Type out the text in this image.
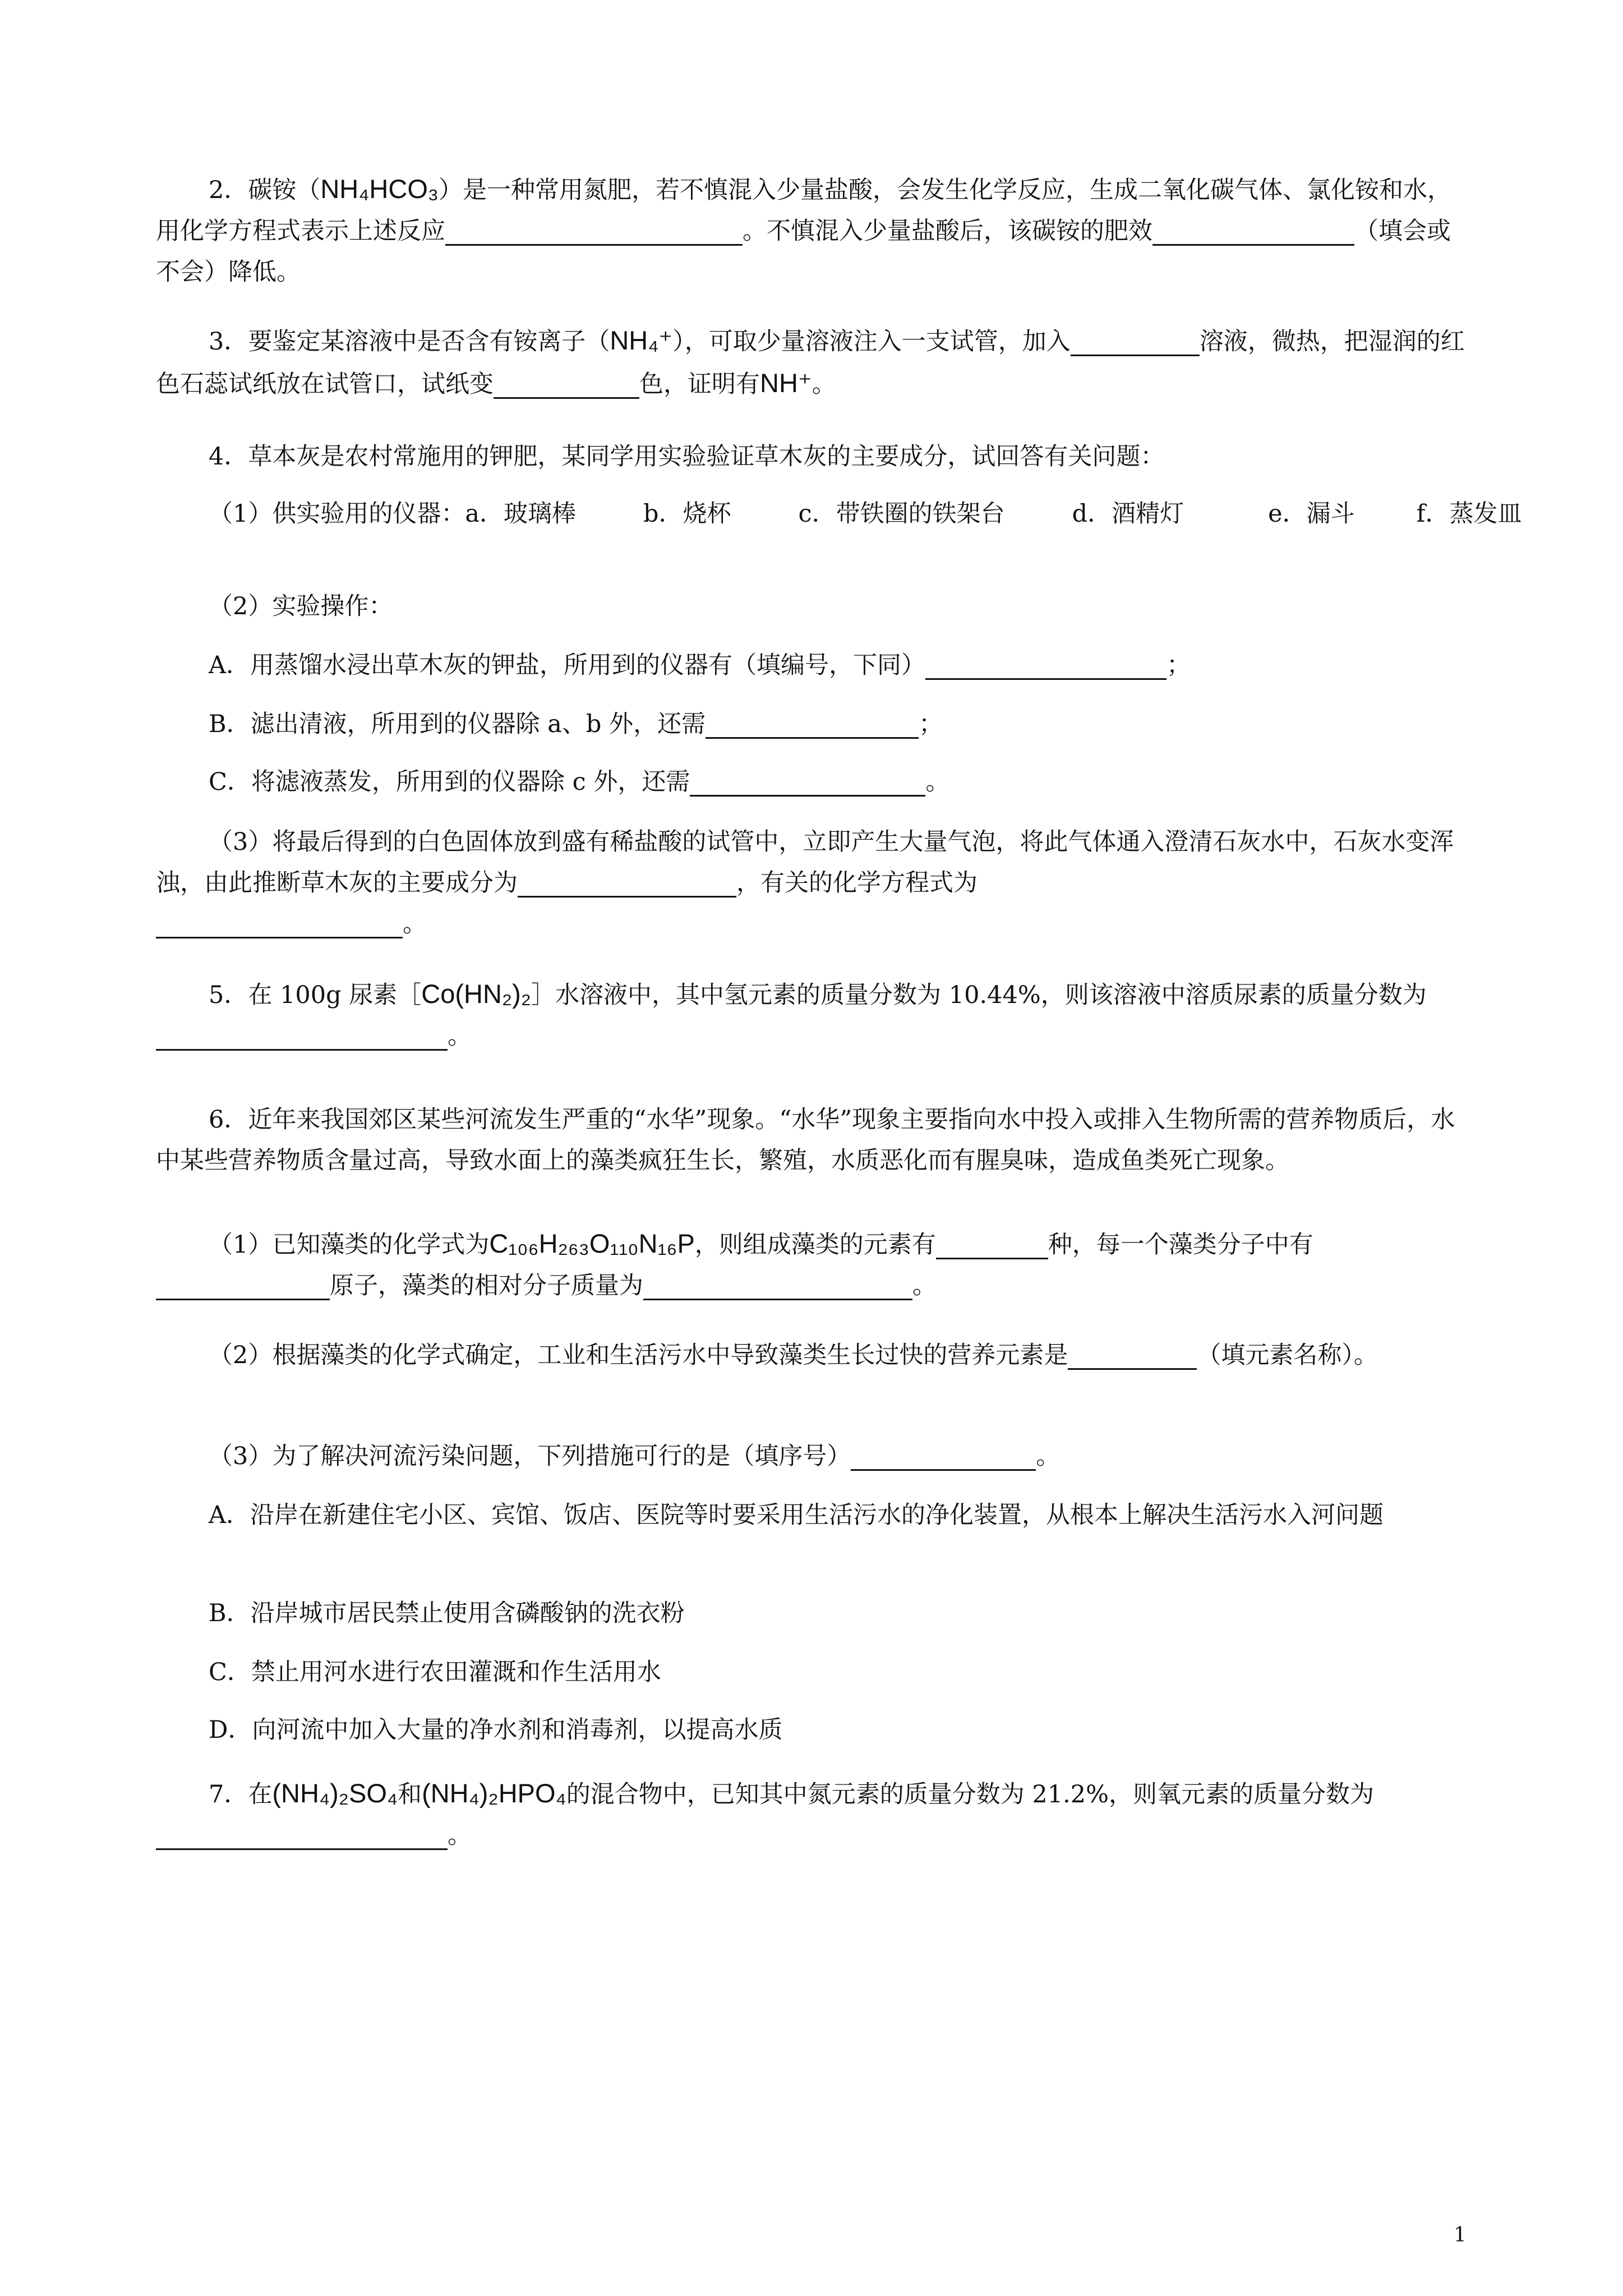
2．碳铵（NH₄HCO₃）是一种常用氮肥，若不慎混入少量盐酸，会发生化学反应，生成二氧化碳气体、氯化铵和水，用化学方程式表示上述反应	。不慎混入少量盐酸后，该碳铵的肥效	（填会或不会）降低。

3．要鉴定某溶液中是否含有铵离子（NH₄⁺），可取少量溶液注入一支试管，加入	溶液，微热，把湿润的红色石蕊试纸放在试管口，试纸变	色，证明有NH⁺。

4．草本灰是农村常施用的钾肥，某同学用实验验证草木灰的主要成分，试回答有关问题：

（1）供实验用的仪器：a．玻璃棒	b．烧杯	c．带铁圈的铁架台	d．酒精灯	e．漏斗	f．蒸发皿

（2）实验操作：

A．用蒸馏水浸出草木灰的钾盐，所用到的仪器有（填编号，下同）	；

B．滤出清液，所用到的仪器除 a、b 外，还需	；

C．将滤液蒸发，所用到的仪器除 c 外，还需	。

（3）将最后得到的白色固体放到盛有稀盐酸的试管中，立即产生大量气泡，将此气体通入澄清石灰水中，石灰水变浑浊，由此推断草木灰的主要成分为	，有关的化学方程式为
。

5．在 100g 尿素［Co(HN₂)₂］水溶液中，其中氢元素的质量分数为 10.44%，则该溶液中溶质尿素的质量分数为。

6．近年来我国郊区某些河流发生严重的“水华”现象。“水华”现象主要指向水中投入或排入生物所需的营养物质后，水中某些营养物质含量过高，导致水面上的藻类疯狂生长，繁殖，水质恶化而有腥臭味，造成鱼类死亡现象。

（1）已知藻类的化学式为C₁₀₆H₂₆₃O₁₁₀N₁₆P，则组成藻类的元素有	种，每一个藻类分子中有原子，藻类的相对分子质量为	。

（2）根据藻类的化学式确定，工业和生活污水中导致藻类生长过快的营养元素是	（填元素名称）。

（3）为了解决河流污染问题，下列措施可行的是（填序号）	。

A．沿岸在新建住宅小区、宾馆、饭店、医院等时要采用生活污水的净化装置，从根本上解决生活污水入河问题

B．沿岸城市居民禁止使用含磷酸钠的洗衣粉

C．禁止用河水进行农田灌溉和作生活用水

D．向河流中加入大量的净水剂和消毒剂，以提高水质

7．在(NH₄)₂SO₄和(NH₄)₂HPO₄的混合物中，已知其中氮元素的质量分数为 21.2%，则氧元素的质量分数为。

1
